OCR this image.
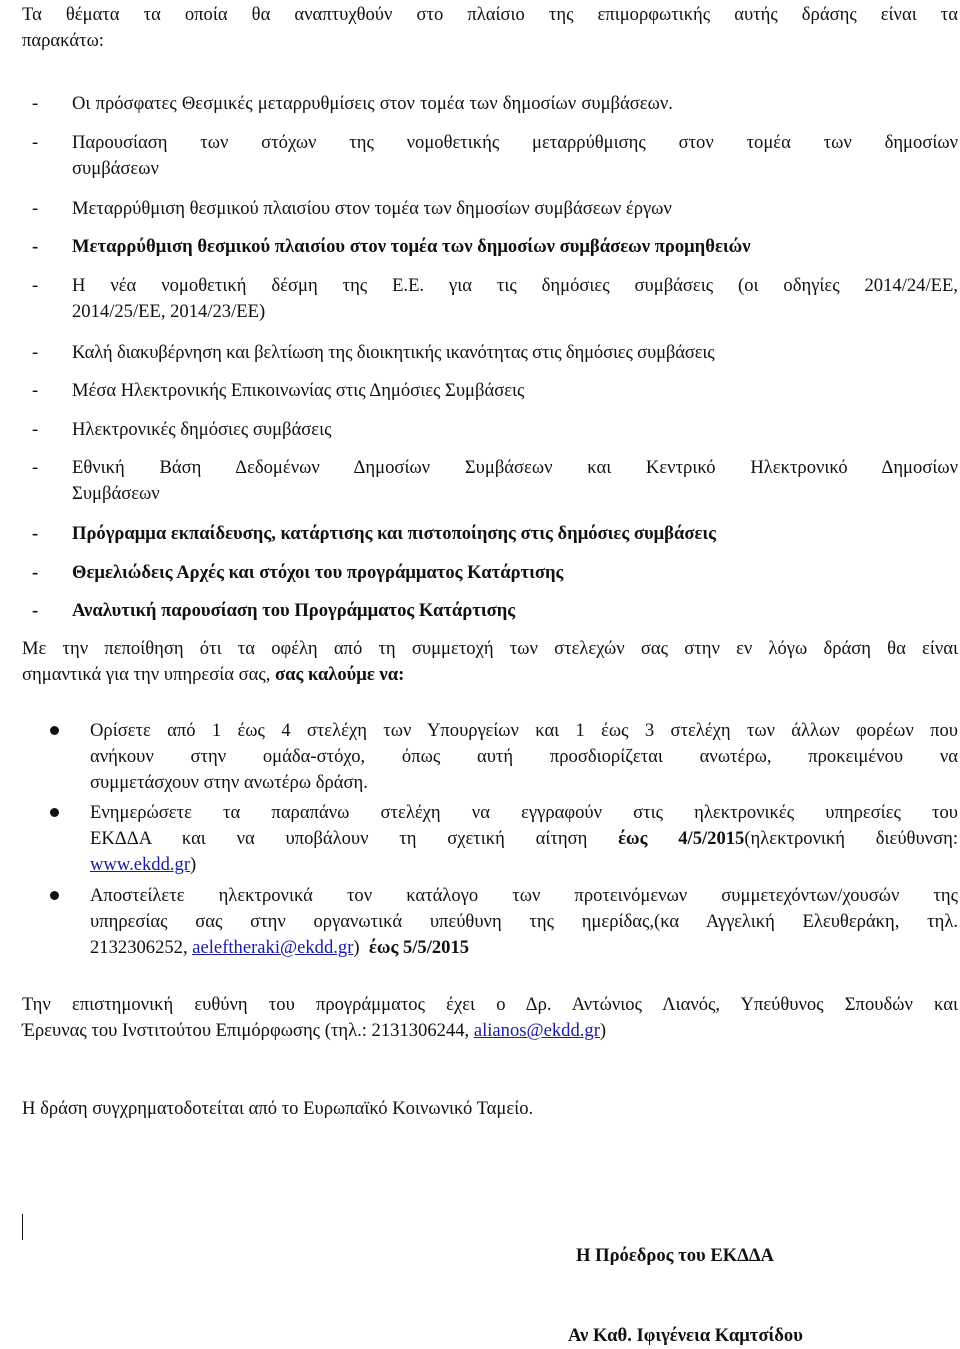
Τα θέματα τα οποία θα αναπτυχθούν στο πλαίσιο της επιμορφωτικής αυτής δράσης είναι τα
παρακάτω:
- Οι πρόσφατες Θεσμικές μεταρρυθμίσεις στον τομέα των δημοσίων συμβάσεων.
- Παρουσίαση των στόχων της νομοθετικής μεταρρύθμισης στον τομέα των δημοσίων
συμβάσεων
- Μεταρρύθμιση θεσμικού πλαισίου στον τομέα των δημοσίων συμβάσεων έργων
- Μεταρρύθμιση θεσμικού πλαισίου στον τομέα των δημοσίων συμβάσεων προμηθειών
- Η νέα νομοθετική δέσμη της Ε.Ε. για τις δημόσιες συμβάσεις (οι οδηγίες 2014/24/ΕΕ,
2014/25/ΕΕ, 2014/23/ΕΕ)
- Καλή διακυβέρνηση και βελτίωση της διοικητικής ικανότητας στις δημόσιες συμβάσεις
- Μέσα Ηλεκτρονικής Επικοινωνίας στις Δημόσιες Συμβάσεις
- Ηλεκτρονικές δημόσιες συμβάσεις
- Εθνική Βάση Δεδομένων Δημοσίων Συμβάσεων και Κεντρικό Ηλεκτρονικό Δημοσίων
Συμβάσεων
- Πρόγραμμα εκπαίδευσης, κατάρτισης και πιστοποίησης στις δημόσιες συμβάσεις
- Θεμελιώδεις Αρχές και στόχοι του προγράμματος Κατάρτισης
- Αναλυτική παρουσίαση του Προγράμματος Κατάρτισης
Με την πεποίθηση ότι τα οφέλη από τη συμμετοχή των στελεχών σας στην εν λόγω δράση θα είναι
σημαντικά για την υπηρεσία σας, σας καλούμε να:
Ορίσετε από 1 έως 4 στελέχη των Υπουργείων και 1 έως 3 στελέχη των άλλων φορέων που
ανήκουν στην ομάδα-στόχο, όπως αυτή προσδιορίζεται ανωτέρω, προκειμένου να
συμμετάσχουν στην ανωτέρω δράση.
Ενημερώσετε τα παραπάνω στελέχη να εγγραφούν στις ηλεκτρονικές υπηρεσίες του
ΕΚΔΔΑ και να υποβάλουν τη σχετική αίτηση έως 4/5/2015(ηλεκτρονική διεύθυνση:
www.ekdd.gr)
Αποστείλετε ηλεκτρονικά τον κατάλογο των προτεινόμενων συμμετεχόντων/χουσών της
υπηρεσίας σας στην οργανωτικά υπεύθυνη της ημερίδας,(κα Αγγελική Ελευθεράκη, τηλ.
2132306252, aeleftheraki@ekdd.gr)  έως 5/5/2015
Την επιστημονική ευθύνη του προγράμματος έχει ο Δρ. Αντώνιος Λιανός, Υπεύθυνος Σπουδών και
Έρευνας του Ινστιτούτου Επιμόρφωσης (τηλ.: 2131306244, alianos@ekdd.gr)
Η δράση συγχρηματοδοτείται από το Ευρωπαϊκό Κοινωνικό Ταμείο.
Η Πρόεδρος του ΕΚΔΔΑ
Αν Καθ. Ιφιγένεια Καμτσίδου
